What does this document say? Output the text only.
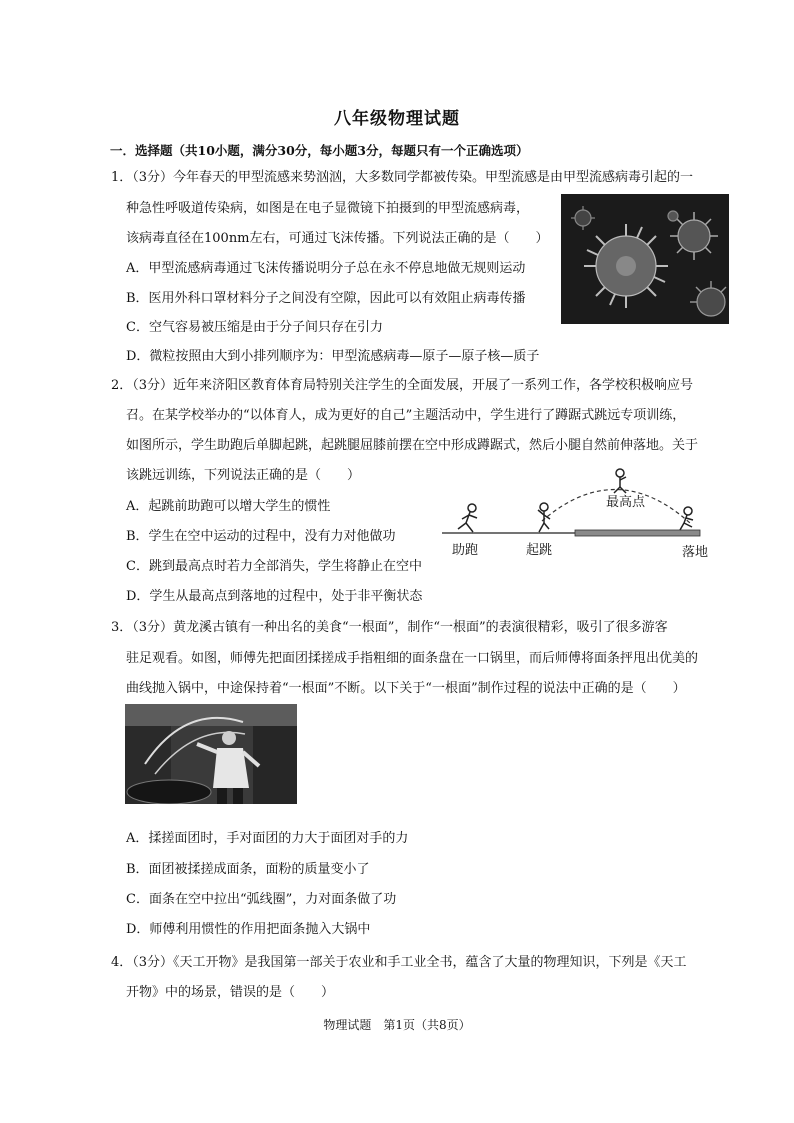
八年级物理试题
一．选择题（共10小题，满分30分，每小题3分，每题只有一个正确选项）
1．（3分）今年春天的甲型流感来势汹汹，大多数同学都被传染。甲型流感是由甲型流感病毒引起的一
种急性呼吸道传染病，如图是在电子显微镜下拍摄到的甲型流感病毒，
该病毒直径在100nm左右，可通过飞沫传播。下列说法正确的是（　　）
A．甲型流感病毒通过飞沫传播说明分子总在永不停息地做无规则运动
B．医用外科口罩材料分子之间没有空隙，因此可以有效阻止病毒传播
C．空气容易被压缩是由于分子间只存在引力
D．微粒按照由大到小排列顺序为：甲型流感病毒—原子—原子核—质子
2．（3分）近年来济阳区教育体育局特别关注学生的全面发展，开展了一系列工作，各学校积极响应号
召。在某学校举办的“以体育人，成为更好的自己”主题活动中，学生进行了蹲踞式跳远专项训练，
如图所示，学生助跑后单脚起跳，起跳腿屈膝前摆在空中形成蹲踞式，然后小腿自然前伸落地。关于
该跳远训练，下列说法正确的是（　　）
A．起跳前助跑可以增大学生的惯性
B．学生在空中运动的过程中，没有力对他做功
C．跳到最高点时若力全部消失，学生将静止在空中
D．学生从最高点到落地的过程中，处于非平衡状态
最高点
助跑	起跳	落地
3．（3分）黄龙溪古镇有一种出名的美食“一根面”，制作“一根面”的表演很精彩，吸引了很多游客
驻足观看。如图，师傅先把面团揉搓成手指粗细的面条盘在一口锅里，而后师傅将面条抨甩出优美的
曲线抛入锅中，中途保持着“一根面”不断。以下关于“一根面”制作过程的说法中正确的是（　　）
A．揉搓面团时，手对面团的力大于面团对手的力
B．面团被揉搓成面条，面粉的质量变小了
C．面条在空中拉出“弧线圈”，力对面条做了功
D．师傅利用惯性的作用把面条抛入大锅中
4．（3分）《天工开物》是我国第一部关于农业和手工业全书，蕴含了大量的物理知识，下列是《天工
开物》中的场景，错误的是（　　）
物理试题　第1页（共8页）
